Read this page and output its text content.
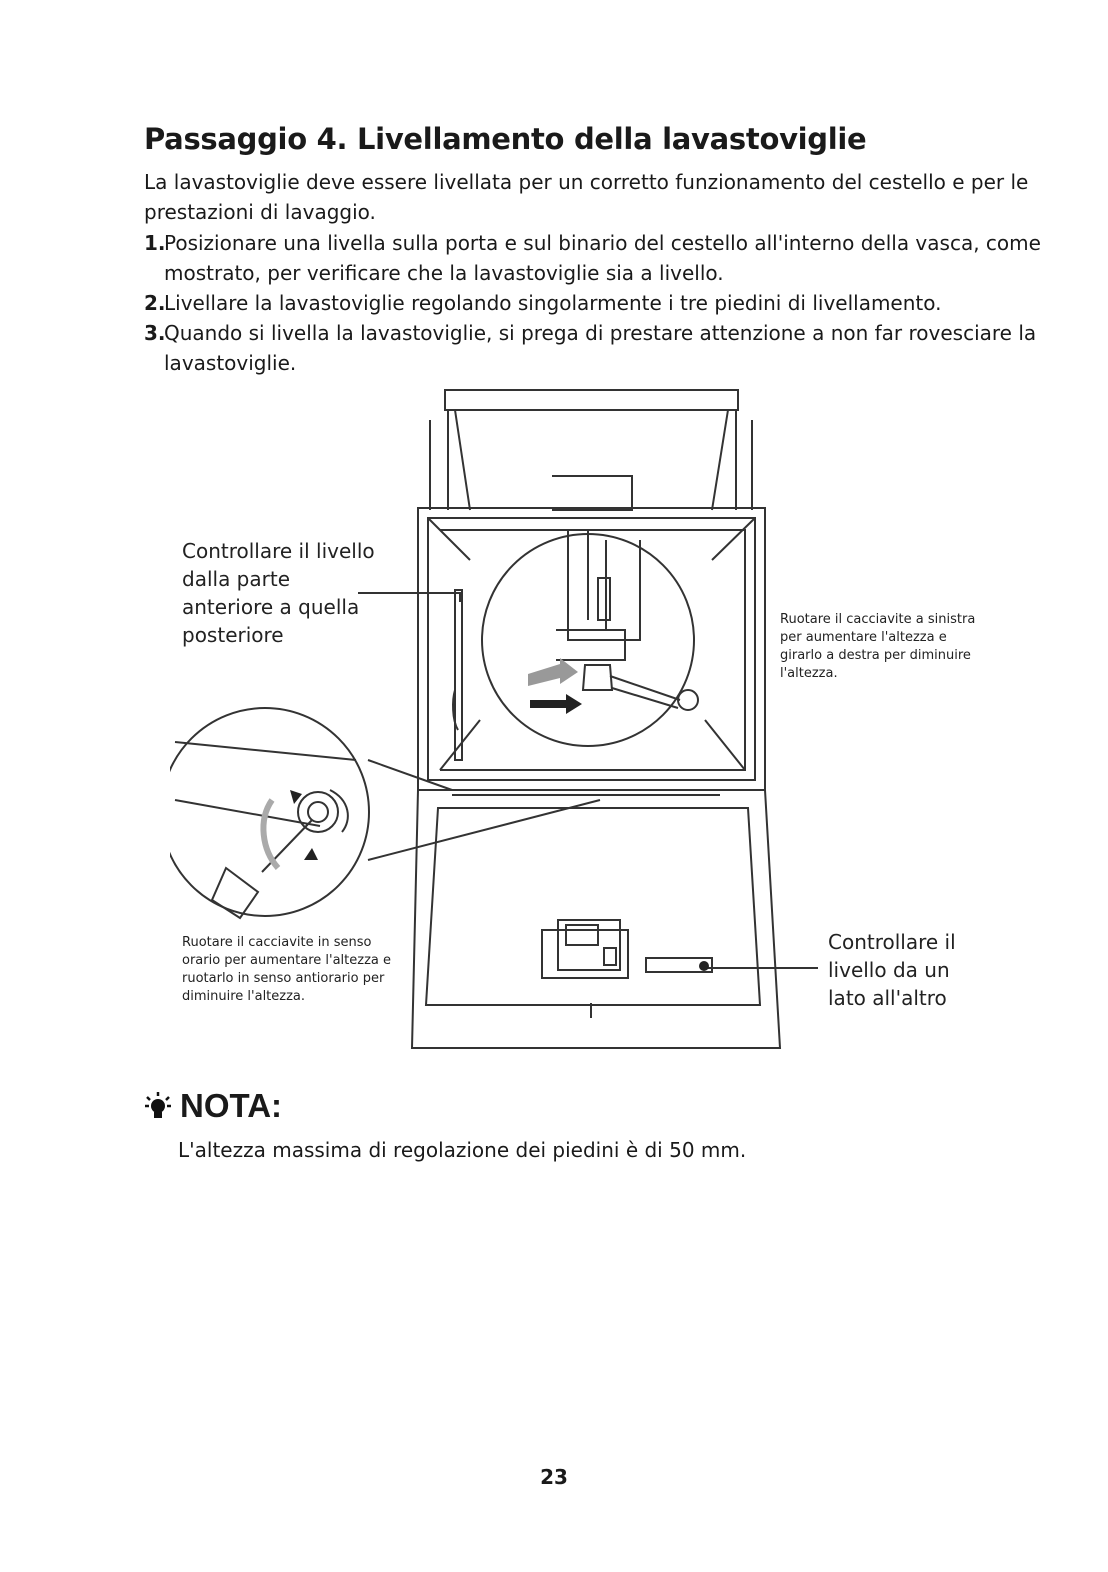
Passaggio 4. Livellamento della lavastoviglie
La lavastoviglie deve essere livellata per un corretto funzionamento del cestello e per le prestazioni di lavaggio.
1.
Posizionare una livella sulla porta e sul binario del cestello all'interno della vasca, come mostrato, per verificare che la lavastoviglie sia a livello.
2.
Livellare la lavastoviglie regolando singolarmente i tre piedini di livellamento.
3.
Quando si livella la lavastoviglie, si prega di prestare attenzione a non far rovesciare la lavastoviglie.
Controllare il livello dalla parte anteriore a quella posteriore
Ruotare il cacciavite a sinistra per aumentare l'altezza e girarlo a destra per diminuire l'altezza.
Ruotare il cacciavite in senso orario per aumentare l'altezza e ruotarlo in senso antiorario per diminuire l'altezza.
Controllare il livello da un lato all'altro
NOTA:
L'altezza massima di regolazione dei piedini è di 50 mm.
23
